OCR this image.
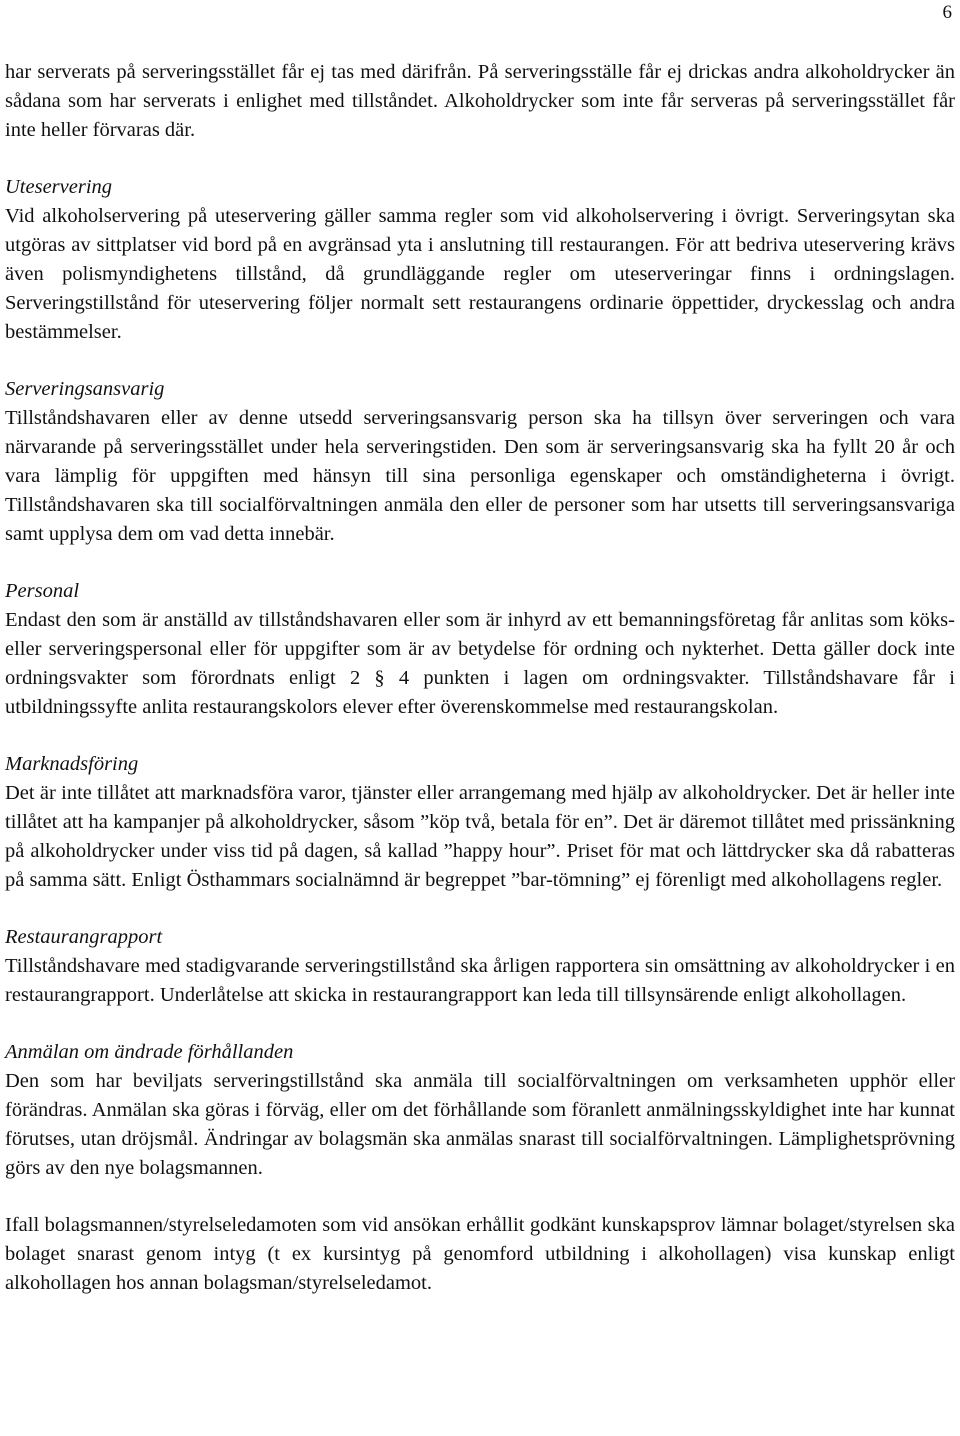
6

har serverats på serveringsstället får ej tas med därifrån. På serveringsställe får ej drickas andra alkoholdrycker än sådana som har serverats i enlighet med tillståndet. Alkoholdrycker som inte får serveras på serveringsstället får inte heller förvaras där.

Uteservering

Vid alkoholservering på uteservering gäller samma regler som vid alkoholservering i övrigt. Serveringsytan ska utgöras av sittplatser vid bord på en avgränsad yta i anslutning till restaurangen. För att bedriva uteservering krävs även polismyndighetens tillstånd, då grundläggande regler om uteserveringar finns i ordningslagen. Serveringstillstånd för uteservering följer normalt sett restaurangens ordinarie öppettider, dryckesslag och andra bestämmelser.

Serveringsansvarig

Tillståndshavaren eller av denne utsedd serveringsansvarig person ska ha tillsyn över serveringen och vara närvarande på serveringsstället under hela serveringstiden. Den som är serveringsansvarig ska ha fyllt 20 år och vara lämplig för uppgiften med hänsyn till sina personliga egenskaper och omständigheterna i övrigt. Tillståndshavaren ska till socialförvaltningen anmäla den eller de personer som har utsetts till serveringsansvariga samt upplysa dem om vad detta innebär.

Personal

Endast den som är anställd av tillståndshavaren eller som är inhyrd av ett bemanningsföretag får anlitas som köks- eller serveringspersonal eller för uppgifter som är av betydelse för ordning och nykterhet. Detta gäller dock inte ordningsvakter som förordnats enligt 2 § 4 punkten i lagen om ordningsvakter. Tillståndshavare får i utbildningssyfte anlita restaurangskolors elever efter överenskommelse med restaurangskolan.

Marknadsföring

Det är inte tillåtet att marknadsföra varor, tjänster eller arrangemang med hjälp av alkoholdrycker. Det är heller inte tillåtet att ha kampanjer på alkoholdrycker, såsom ”köp två, betala för en”. Det är däremot tillåtet med prissänkning på alkoholdrycker under viss tid på dagen, så kallad ”happy hour”. Priset för mat och lättdrycker ska då rabatteras på samma sätt. Enligt Östhammars socialnämnd är begreppet ”bar-tömning” ej förenligt med alkohollagens regler.

Restaurangrapport

Tillståndshavare med stadigvarande serveringstillstånd ska årligen rapportera sin omsättning av alkoholdrycker i en restaurangrapport. Underlåtelse att skicka in restaurangrapport kan leda till tillsynsärende enligt alkohollagen.

Anmälan om ändrade förhållanden

Den som har beviljats serveringstillstånd ska anmäla till socialförvaltningen om verksamheten upphör eller förändras. Anmälan ska göras i förväg, eller om det förhållande som föranlett anmälningsskyldighet inte har kunnat förutses, utan dröjsmål. Ändringar av bolagsmän ska anmälas snarast till socialförvaltningen. Lämplighetsprövning görs av den nye bolagsmannen.

Ifall bolagsmannen/styrelseledamoten som vid ansökan erhållit godkänt kunskapsprov lämnar bolaget/styrelsen ska bolaget snarast genom intyg (t ex kursintyg på genomford utbildning i alkohollagen) visa kunskap enligt alkohollagen hos annan bolagsman/styrelseledamot.
